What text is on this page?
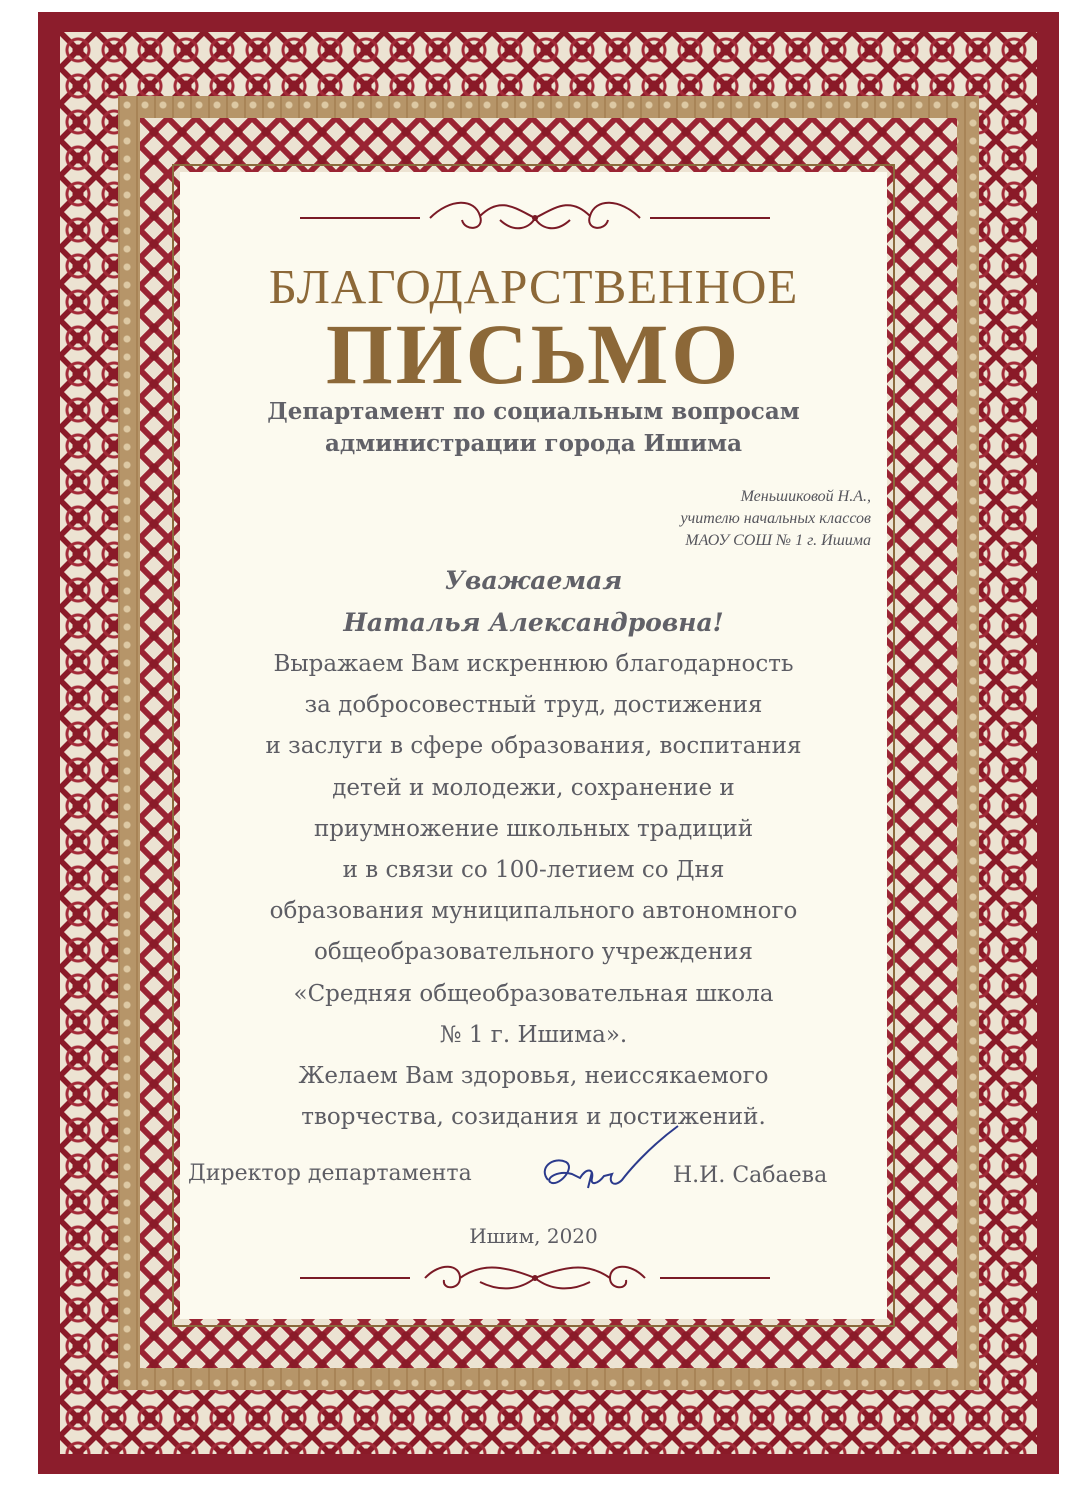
БЛАГОДАРСТВЕННОЕ
ПИСЬМО
Департамент по социальным вопросам
администрации города Ишима
Меньшиковой Н.А.,
учителю начальных классов
МАОУ СОШ № 1 г. Ишима
Уважаемая
Наталья Александровна!
Выражаем Вам искреннюю благодарность
за добросовестный труд, достижения
и заслуги в сфере образования, воспитания
детей и молодежи, сохранение и
приумножение школьных традиций
и в связи со 100-летием со Дня
образования муниципального автономного
общеобразовательного учреждения
«Средняя общеобразовательная школа
№ 1 г. Ишима».
Желаем Вам здоровья, неиссякаемого
творчества, созидания и достижений.
Директор департамента	Н.И. Сабаева
Ишим, 2020
